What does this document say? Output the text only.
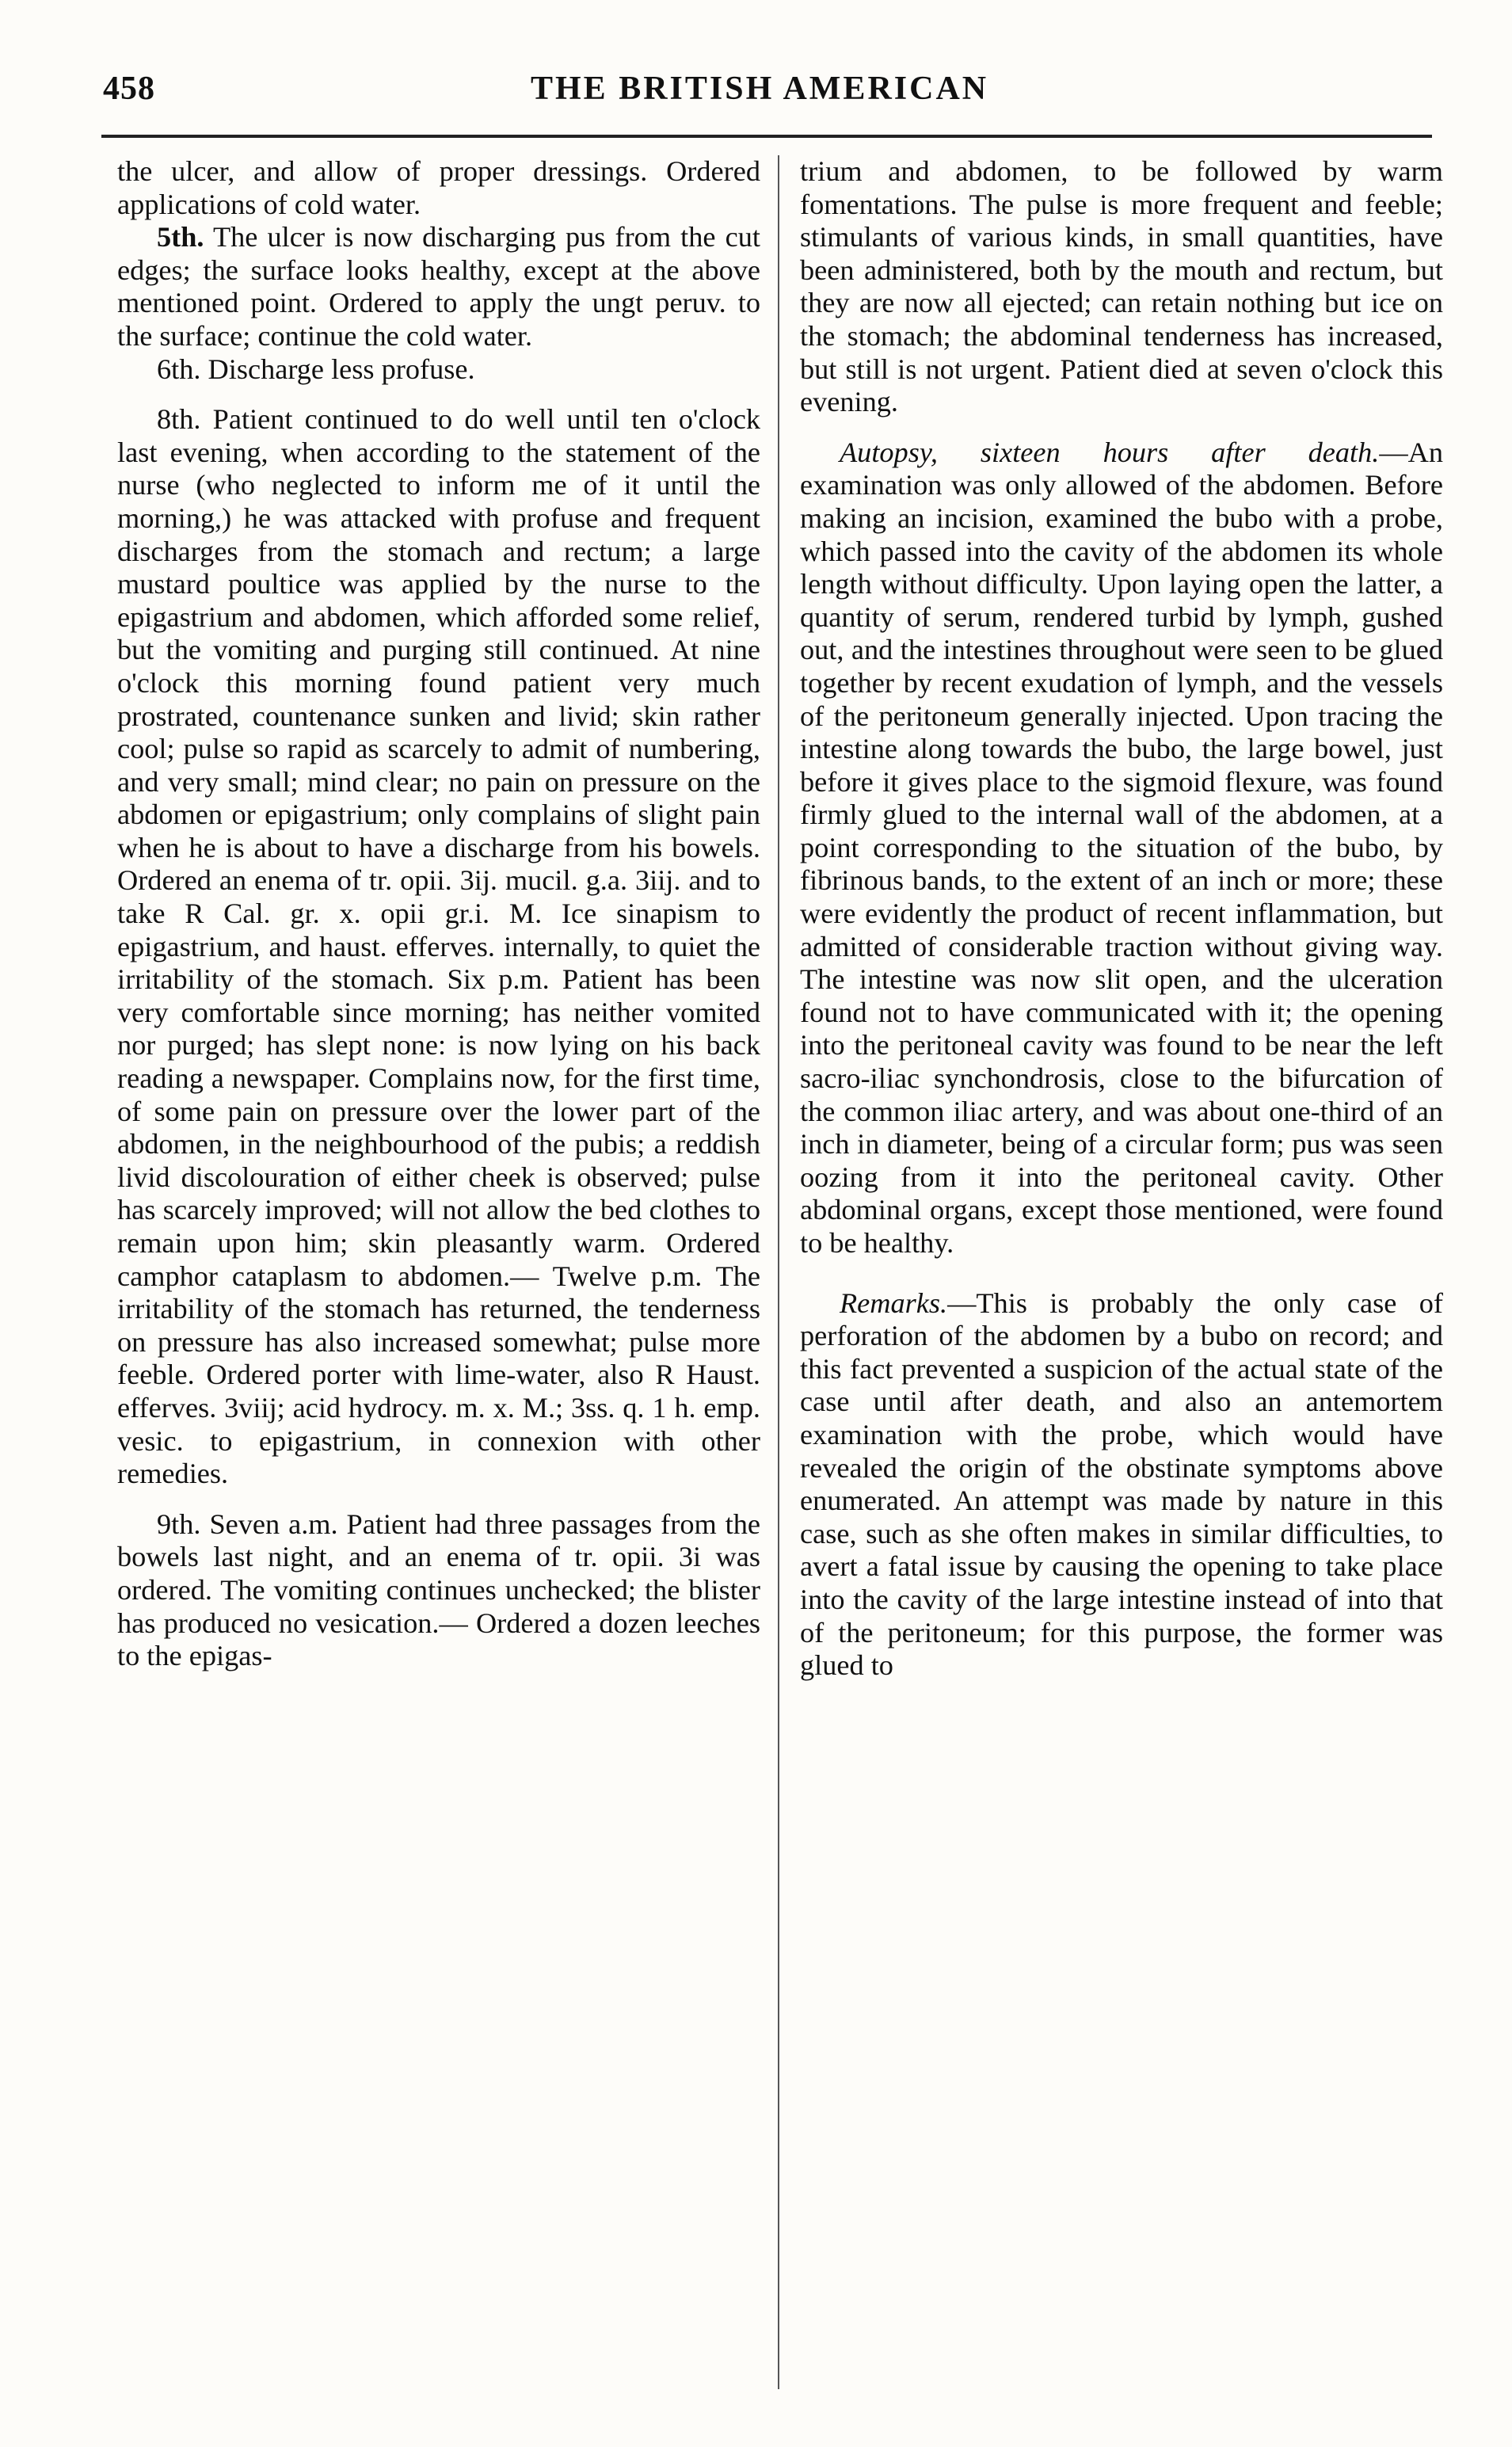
458	THE BRITISH AMERICAN

the ulcer, and allow of proper dressings. Ordered applications of cold water.

5th. The ulcer is now discharging pus from the cut edges; the surface looks healthy, except at the above mentioned point. Ordered to apply the ungt peruv. to the surface; continue the cold water.

6th. Discharge less profuse.

8th. Patient continued to do well until ten o'clock last evening, when according to the statement of the nurse (who neglected to inform me of it until the morning,) he was attacked with profuse and frequent discharges from the stomach and rectum; a large mustard poultice was applied by the nurse to the epigastrium and abdomen, which afforded some relief, but the vomiting and purging still continued. At nine o'clock this morning found patient very much prostrated, countenance sunken and livid; skin rather cool; pulse so rapid as scarcely to admit of numbering, and very small; mind clear; no pain on pressure on the abdomen or epigastrium; only complains of slight pain when he is about to have a discharge from his bowels. Ordered an enema of tr. opii. 3ij. mucil. g.a. 3iij. and to take R Cal. gr. x. opii gr.i. M. Ice sinapism to epigastrium, and haust. efferves. internally, to quiet the irritability of the stomach. Six p.m. Patient has been very comfortable since morning; has neither vomited nor purged; has slept none: is now lying on his back reading a newspaper. Complains now, for the first time, of some pain on pressure over the lower part of the abdomen, in the neighbourhood of the pubis; a reddish livid discolouration of either cheek is observed; pulse has scarcely improved; will not allow the bed clothes to remain upon him; skin pleasantly warm. Ordered camphor cataplasm to abdomen.— Twelve p.m. The irritability of the stomach has returned, the tenderness on pressure has also increased somewhat; pulse more feeble. Ordered porter with lime-water, also R Haust. efferves. 3viij; acid hydrocy. m. x. M.; 3ss. q. 1 h. emp. vesic. to epigastrium, in connexion with other remedies.

9th. Seven a.m. Patient had three passages from the bowels last night, and an enema of tr. opii. 3i was ordered. The vomiting continues unchecked; the blister has produced no vesication.— Ordered a dozen leeches to the epigas-

trium and abdomen, to be followed by warm fomentations. The pulse is more frequent and feeble; stimulants of various kinds, in small quantities, have been administered, both by the mouth and rectum, but they are now all ejected; can retain nothing but ice on the stomach; the abdominal tenderness has increased, but still is not urgent. Patient died at seven o'clock this evening.

Autopsy, sixteen hours after death.—An examination was only allowed of the abdomen. Before making an incision, examined the bubo with a probe, which passed into the cavity of the abdomen its whole length without difficulty. Upon laying open the latter, a quantity of serum, rendered turbid by lymph, gushed out, and the intestines throughout were seen to be glued together by recent exudation of lymph, and the vessels of the peritoneum generally injected. Upon tracing the intestine along towards the bubo, the large bowel, just before it gives place to the sigmoid flexure, was found firmly glued to the internal wall of the abdomen, at a point corresponding to the situation of the bubo, by fibrinous bands, to the extent of an inch or more; these were evidently the product of recent inflammation, but admitted of considerable traction without giving way. The intestine was now slit open, and the ulceration found not to have communicated with it; the opening into the peritoneal cavity was found to be near the left sacro-iliac synchondrosis, close to the bifurcation of the common iliac artery, and was about one-third of an inch in diameter, being of a circular form; pus was seen oozing from it into the peritoneal cavity. Other abdominal organs, except those mentioned, were found to be healthy.

Remarks.—This is probably the only case of perforation of the abdomen by a bubo on record; and this fact prevented a suspicion of the actual state of the case until after death, and also an antemortem examination with the probe, which would have revealed the origin of the obstinate symptoms above enumerated. An attempt was made by nature in this case, such as she often makes in similar difficulties, to avert a fatal issue by causing the opening to take place into the cavity of the large intestine instead of into that of the peritoneum; for this purpose, the former was glued to
